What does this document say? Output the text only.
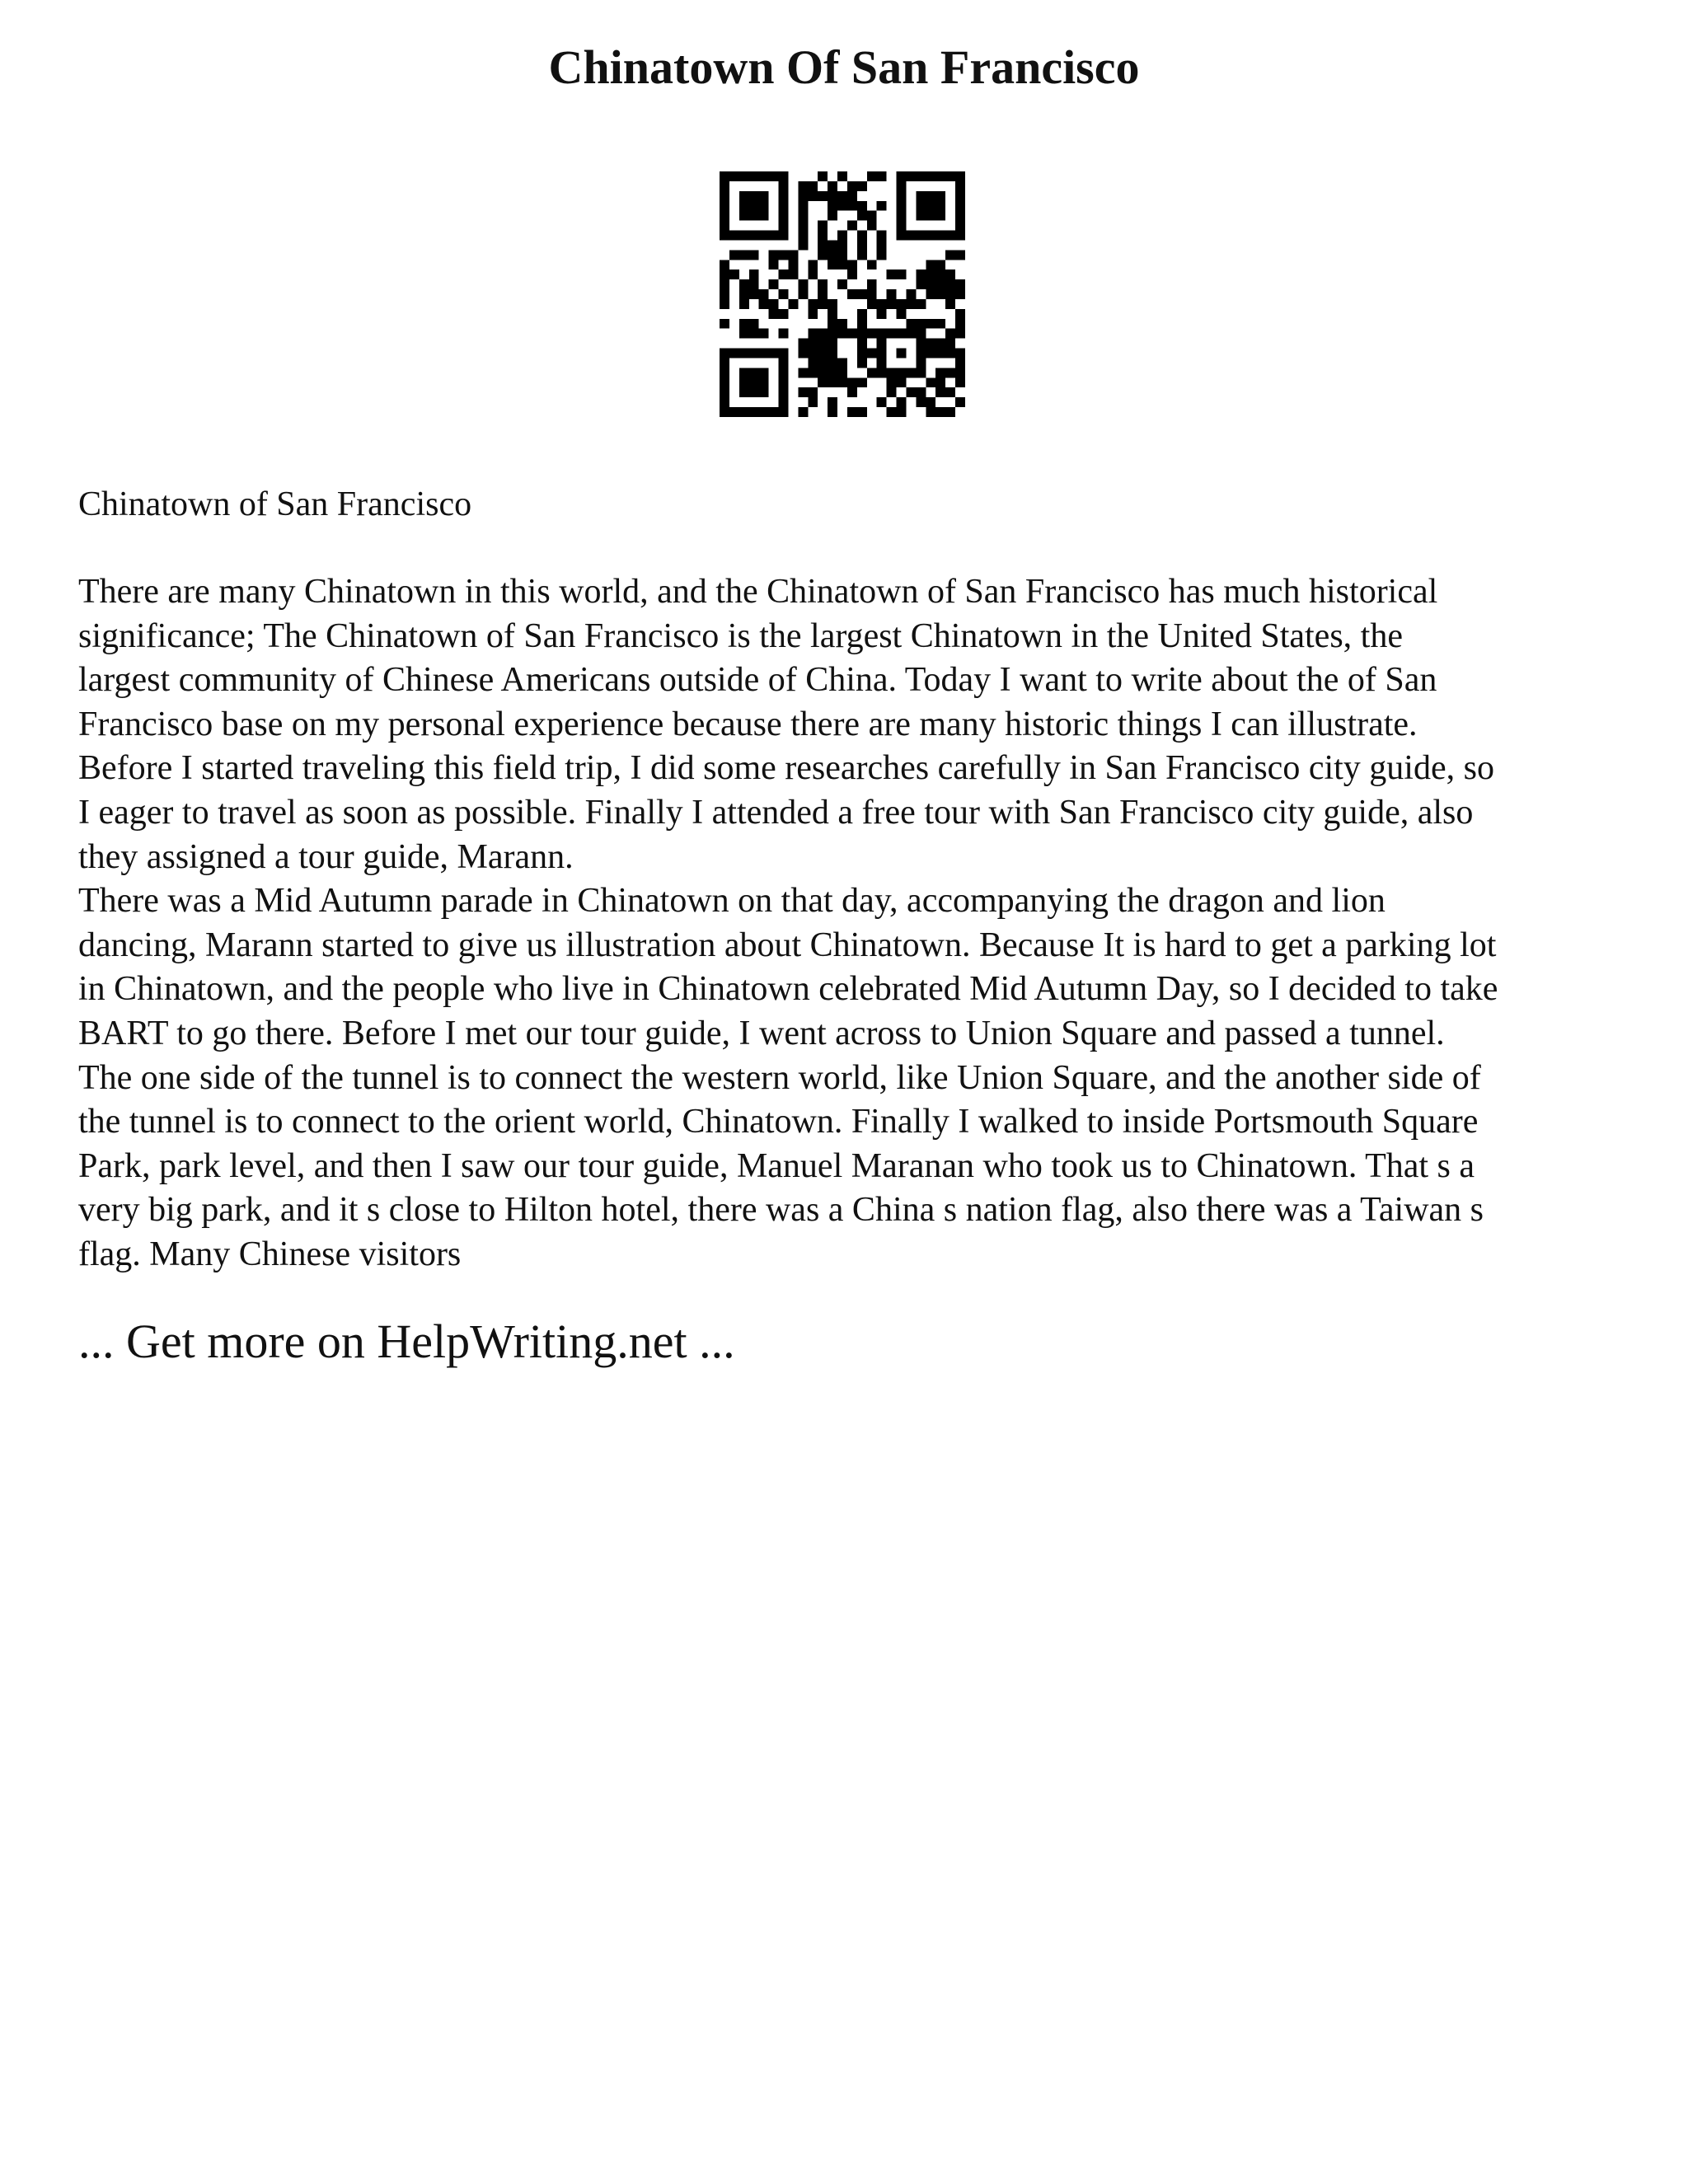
Chinatown Of San Francisco

Chinatown of San Francisco

There are many Chinatown in this world, and the Chinatown of San Francisco has much historical
significance; The Chinatown of San Francisco is the largest Chinatown in the United States, the
largest community of Chinese Americans outside of China. Today I want to write about the of San
Francisco base on my personal experience because there are many historic things I can illustrate.
Before I started traveling this field trip, I did some researches carefully in San Francisco city guide, so
I eager to travel as soon as possible. Finally I attended a free tour with San Francisco city guide, also
they assigned a tour guide, Marann.
There was a Mid Autumn parade in Chinatown on that day, accompanying the dragon and lion
dancing, Marann started to give us illustration about Chinatown. Because It is hard to get a parking lot
in Chinatown, and the people who live in Chinatown celebrated Mid Autumn Day, so I decided to take
BART to go there. Before I met our tour guide, I went across to Union Square and passed a tunnel.
The one side of the tunnel is to connect the western world, like Union Square, and the another side of
the tunnel is to connect to the orient world, Chinatown. Finally I walked to inside Portsmouth Square
Park, park level, and then I saw our tour guide, Manuel Maranan who took us to Chinatown. That s a
very big park, and it s close to Hilton hotel, there was a China s nation flag, also there was a Taiwan s
flag. Many Chinese visitors
... Get more on HelpWriting.net ...
